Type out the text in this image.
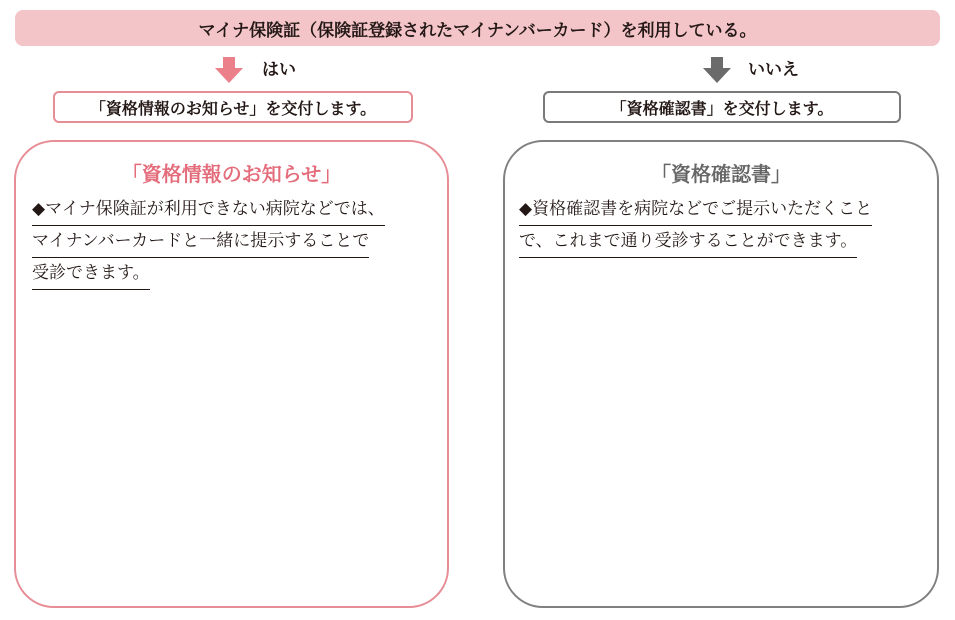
マイナ保険証（保険証登録されたマイナンバーカード）を利用している。
はい	いいえ
「資格情報のお知らせ」を交付します。	「資格確認書」を交付します。
「資格情報のお知らせ」
◆マイナ保険証が利用できない病院などでは、
マイナンバーカードと一緒に提示することで
受診できます。
「資格確認書」
◆資格確認書を病院などでご提示いただくこと
で、これまで通り受診することができます。
